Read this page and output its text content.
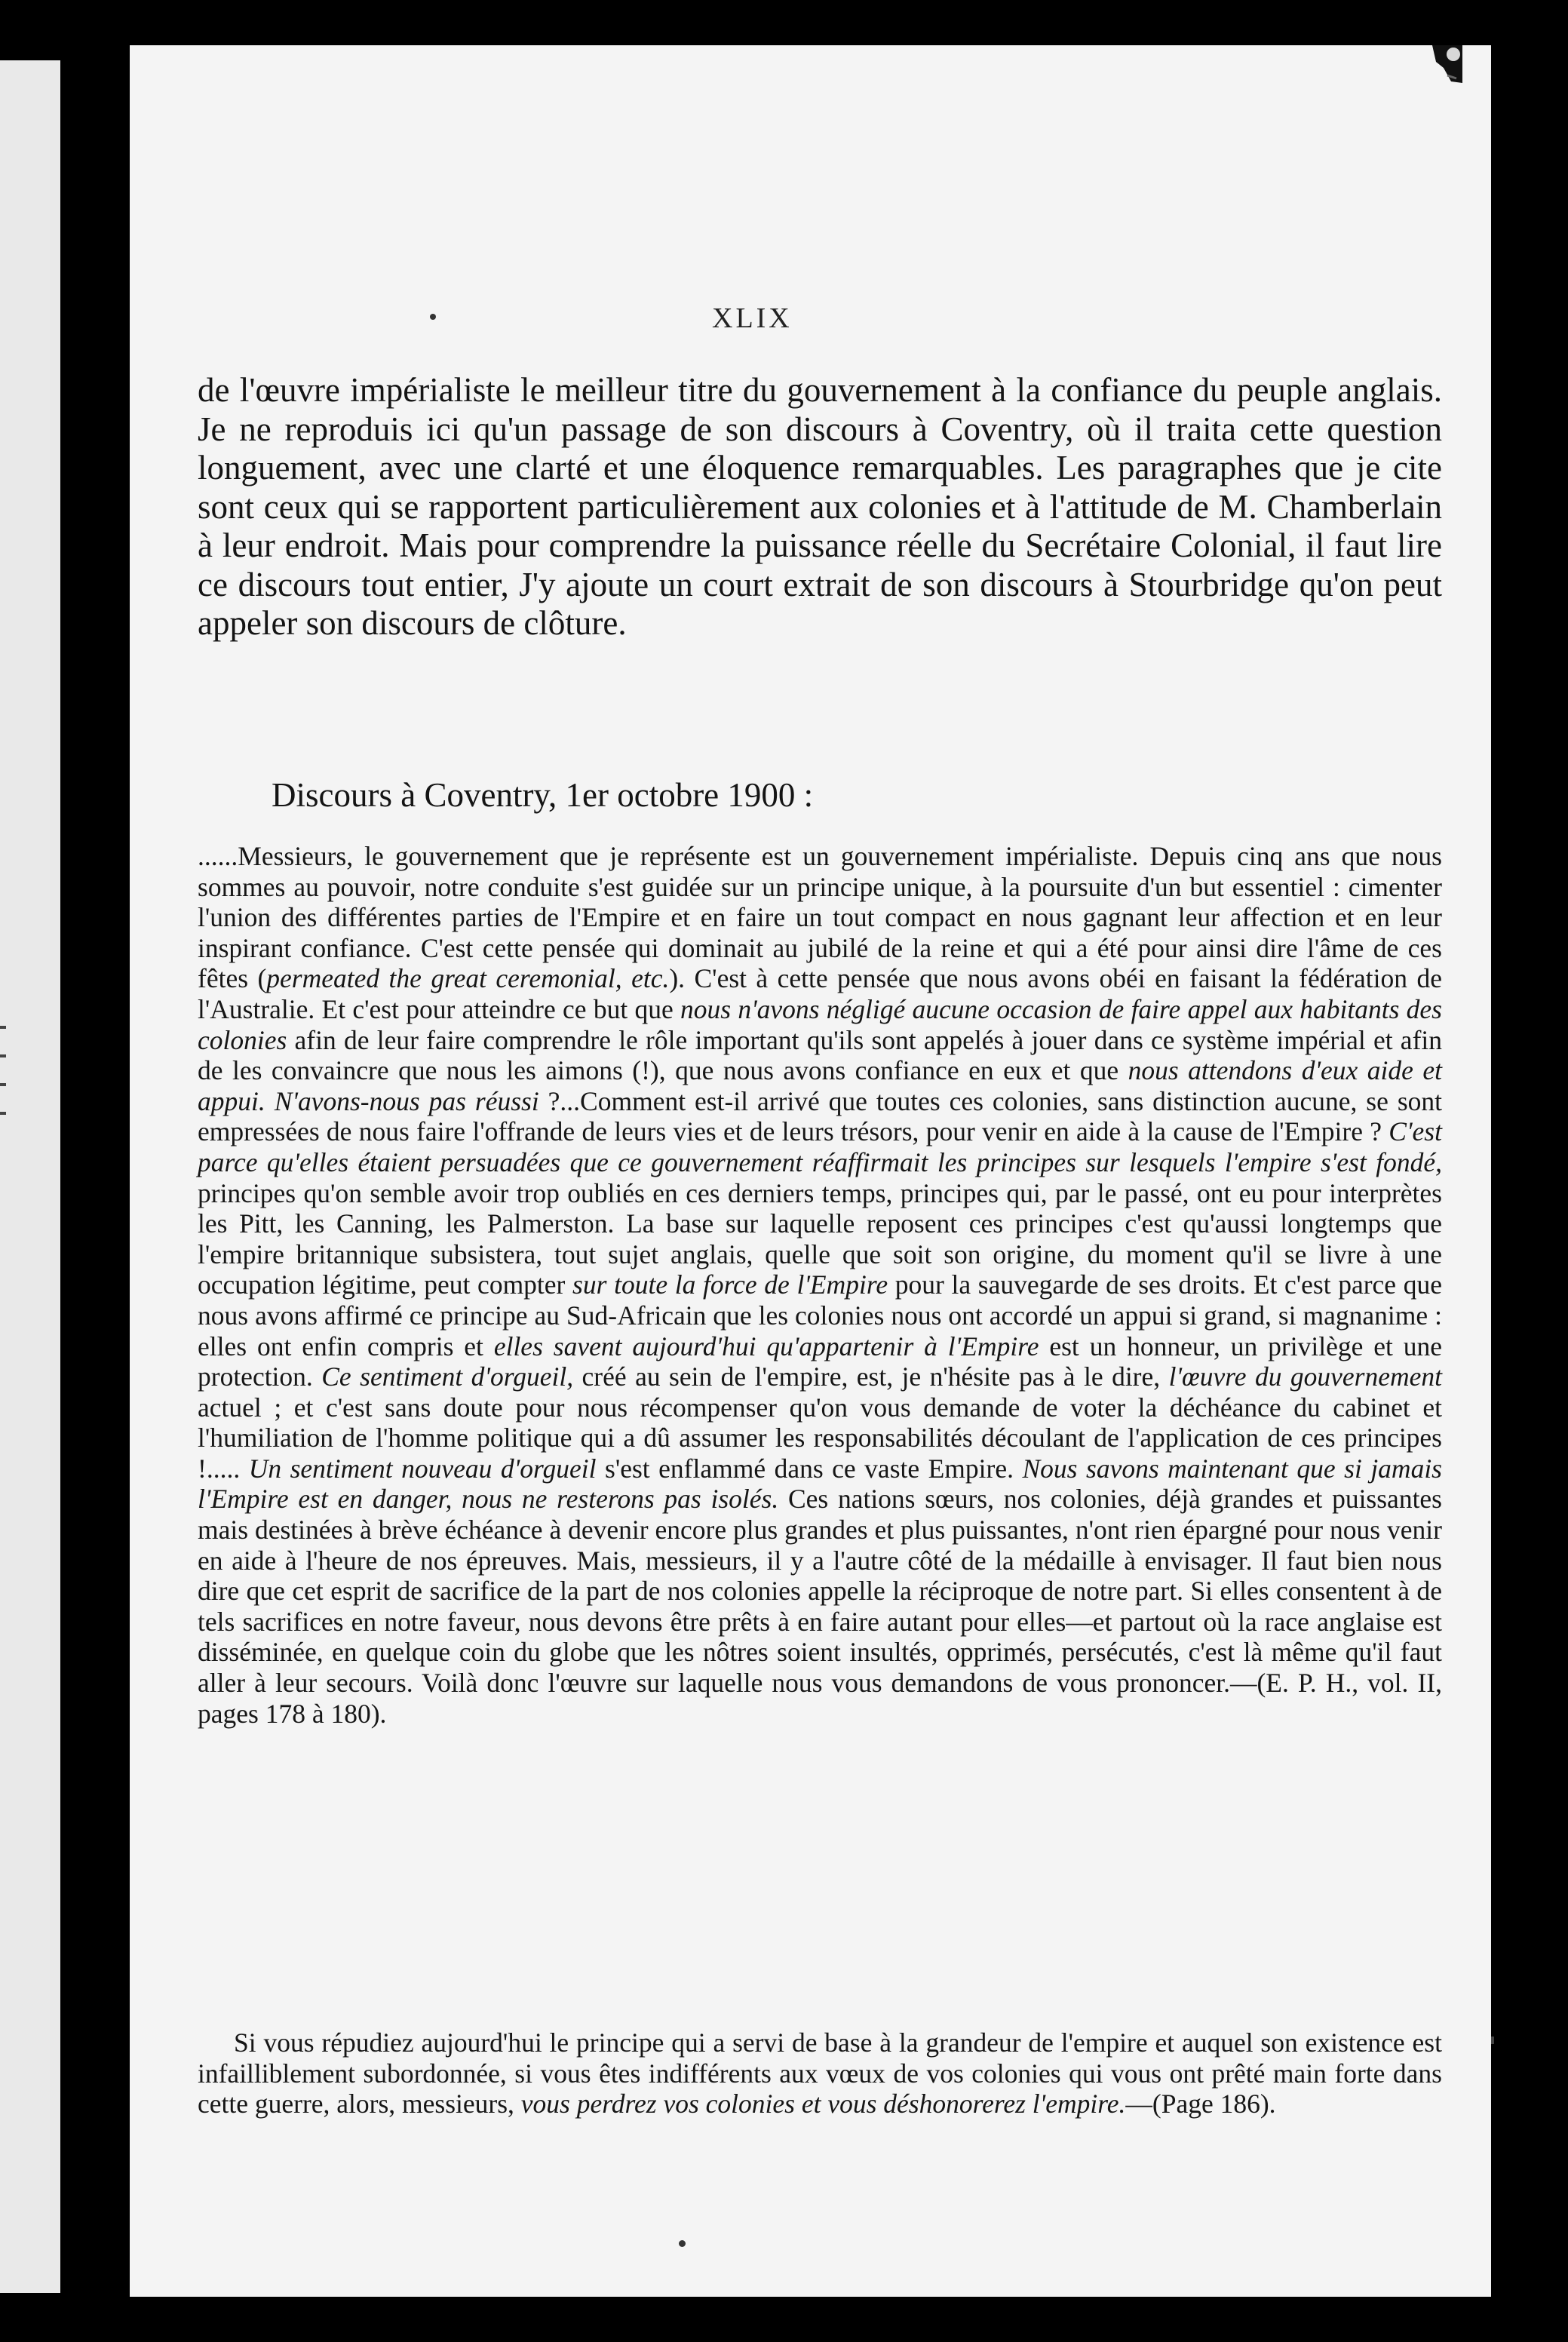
XLIX

de l'œuvre impérialiste le meilleur titre du gouvernement à la confiance du peuple anglais. Je ne reproduis ici qu'un passage de son discours à Coventry, où il traita cette question longuement, avec une clarté et une éloquence remarquables. Les paragraphes que je cite sont ceux qui se rapportent particulièrement aux colonies et à l'attitude de M. Chamberlain à leur endroit. Mais pour comprendre la puissance réelle du Secrétaire Colonial, il faut lire ce discours tout entier, J'y ajoute un court extrait de son discours à Stourbridge qu'on peut appeler son discours de clôture.

Discours à Coventry, 1er octobre 1900 :

......Messieurs, le gouvernement que je représente est un gouvernement impérialiste. Depuis cinq ans que nous sommes au pouvoir, notre conduite s'est guidée sur un principe unique, à la poursuite d'un but essentiel : cimenter l'union des différentes parties de l'Empire et en faire un tout compact en nous gagnant leur affection et en leur inspirant confiance. C'est cette pensée qui dominait au jubilé de la reine et qui a été pour ainsi dire l'âme de ces fêtes (permeated the great ceremonial, etc.). C'est à cette pensée que nous avons obéi en faisant la fédération de l'Australie. Et c'est pour atteindre ce but que nous n'avons négligé aucune occasion de faire appel aux habitants des colonies afin de leur faire comprendre le rôle important qu'ils sont appelés à jouer dans ce système impérial et afin de les convaincre que nous les aimons (!), que nous avons confiance en eux et que nous attendons d'eux aide et appui. N'avons-nous pas réussi ?...Comment est-il arrivé que toutes ces colonies, sans distinction aucune, se sont empressées de nous faire l'offrande de leurs vies et de leurs trésors, pour venir en aide à la cause de l'Empire ? C'est parce qu'elles étaient persuadées que ce gouvernement réaffirmait les principes sur lesquels l'empire s'est fondé, principes qu'on semble avoir trop oubliés en ces derniers temps, principes qui, par le passé, ont eu pour interprètes les Pitt, les Canning, les Palmerston. La base sur laquelle reposent ces principes c'est qu'aussi longtemps que l'empire britannique subsistera, tout sujet anglais, quelle que soit son origine, du moment qu'il se livre à une occupation légitime, peut compter sur toute la force de l'Empire pour la sauvegarde de ses droits. Et c'est parce que nous avons affirmé ce principe au Sud-Africain que les colonies nous ont accordé un appui si grand, si magnanime : elles ont enfin compris et elles savent aujourd'hui qu'appartenir à l'Empire est un honneur, un privilège et une protection. Ce sentiment d'orgueil, créé au sein de l'empire, est, je n'hésite pas à le dire, l'œuvre du gouvernement actuel ; et c'est sans doute pour nous récompenser qu'on vous demande de voter la déchéance du cabinet et l'humiliation de l'homme politique qui a dû assumer les responsabilités découlant de l'application de ces principes !..... Un sentiment nouveau d'orgueil s'est enflammé dans ce vaste Empire. Nous savons maintenant que si jamais l'Empire est en danger, nous ne resterons pas isolés. Ces nations sœurs, nos colonies, déjà grandes et puissantes mais destinées à brève échéance à devenir encore plus grandes et plus puissantes, n'ont rien épargné pour nous venir en aide à l'heure de nos épreuves. Mais, messieurs, il y a l'autre côté de la médaille à envisager. Il faut bien nous dire que cet esprit de sacrifice de la part de nos colonies appelle la réciproque de notre part. Si elles consentent à de tels sacrifices en notre faveur, nous devons être prêts à en faire autant pour elles—et partout où la race anglaise est disséminée, en quelque coin du globe que les nôtres soient insultés, opprimés, persécutés, c'est là même qu'il faut aller à leur secours. Voilà donc l'œuvre sur laquelle nous vous demandons de vous prononcer.—(E. P. H., vol. II, pages 178 à 180).

Si vous répudiez aujourd'hui le principe qui a servi de base à la grandeur de l'empire et auquel son existence est infailliblement subordonnée, si vous êtes indifférents aux vœux de vos colonies qui vous ont prêté main forte dans cette guerre, alors, messieurs, vous perdrez vos colonies et vous déshonorerez l'empire.—(Page 186).
